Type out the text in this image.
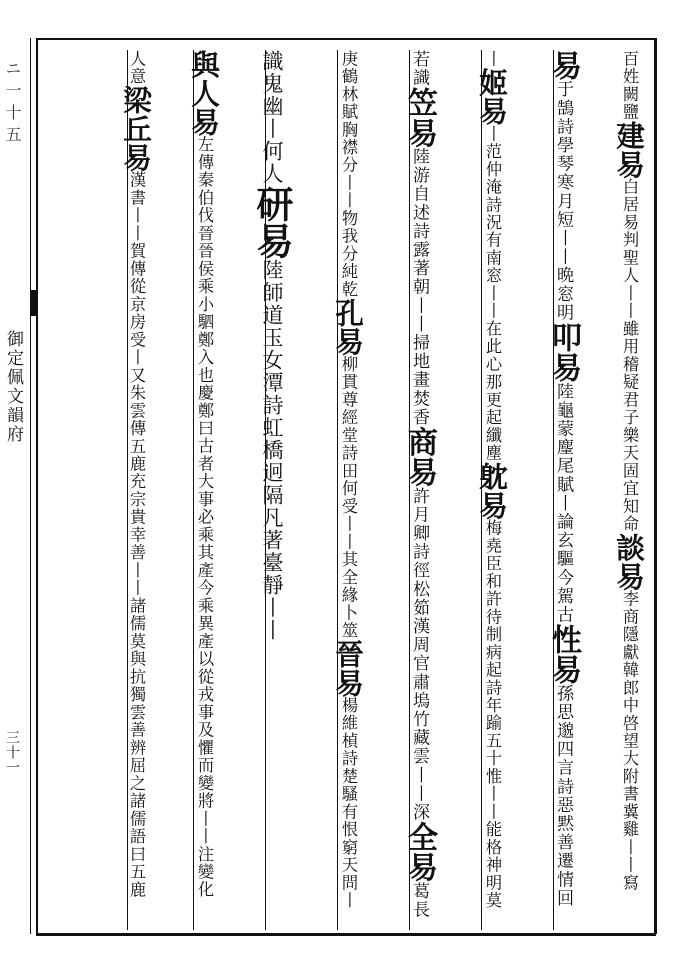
ニ一十五
御定佩文韻府
三十一
百姓闕鹽建易白居易判聖人丨丨雖用稽疑君子樂天固宜知命談易李商隱獻韓郎中啓望大附書冀雞丨丨寫
易于鵠詩學琴寒月短丨丨晩窓明叩易陸龜蒙麈尾賦丨論玄驅今駕古性易孫思邈四言詩惡黙善遷情回
丨姬易丨范仲淹詩況有南窓丨丨在此心那更起纖塵躭易梅堯臣和許待制病起詩年踰五十惟丨丨能格神明莫
若識笠易陸游自述詩露著朝丨丨掃地畫焚香商易許月卿詩徑松筎漢周官肅塢竹藏雲丨丨深全易葛長
庚鶴林賦胸襟分丨丨物我分純乾孔易柳貫尊經堂詩田何受丨丨其全緣卜筮晉易楊維楨詩楚騷有恨窮天問丨
識鬼幽丨何人研易陸師道玉女潭詩虹橋迥隔凡著臺靜丨丨
與人易左傳秦伯伐晉晉侯乘小駟鄭入也慶鄭曰古者大事必乘其產今乘異產以從戎事及懼而變將丨丨注變化
人意梁丘易漢書丨丨賀傳從京房受丨又朱雲傳五鹿充宗貴幸善丨丨諸儒莫與抗獨雲善辨屈之諸儒語曰五鹿
